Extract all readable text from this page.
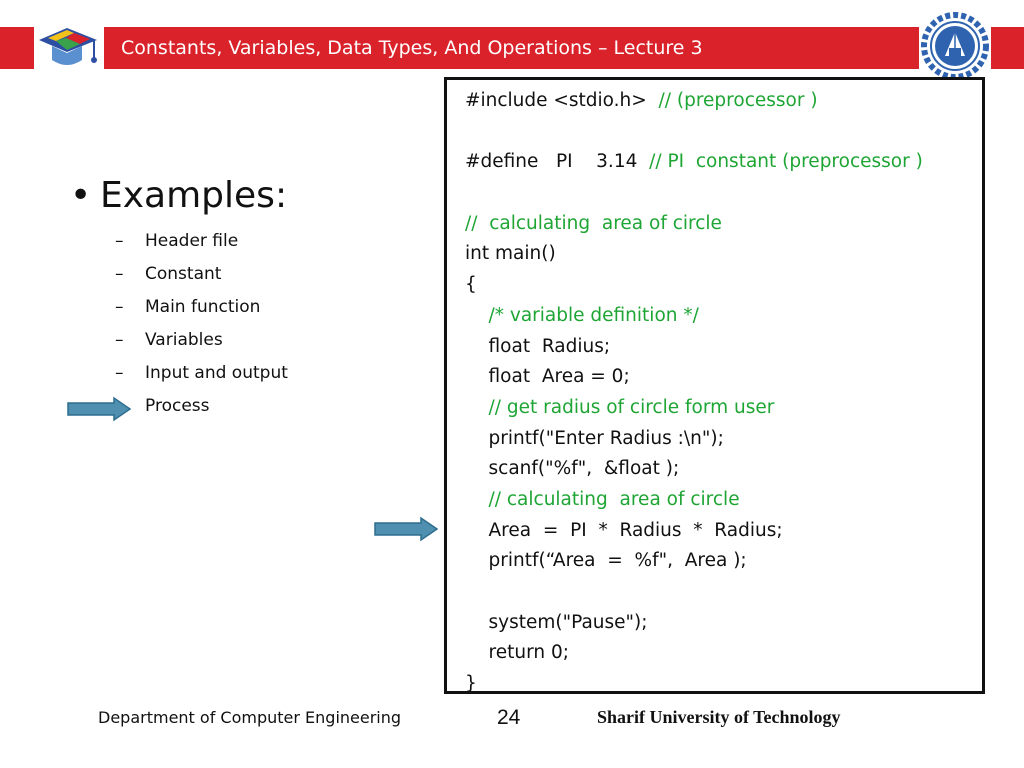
Constants, Variables, Data Types, And Operations – Lecture 3
• Examples:
– Header file
– Constant
– Main function
– Variables
– Input and output
Process
#include <stdio.h>  // (preprocessor )
#define   PI    3.14  // PI  constant (preprocessor )
//  calculating  area of circle
int main()
{
/* variable definition */
float  Radius;
float  Area = 0;
// get radius of circle form user
printf("Enter Radius :\n");
scanf("%f",  &float );
// calculating  area of circle
Area  =  PI  *  Radius  *  Radius;
printf(“Area  =  %f",  Area );
system("Pause");
return 0;
}
Department of Computer Engineering	24	Sharif University of Technology
